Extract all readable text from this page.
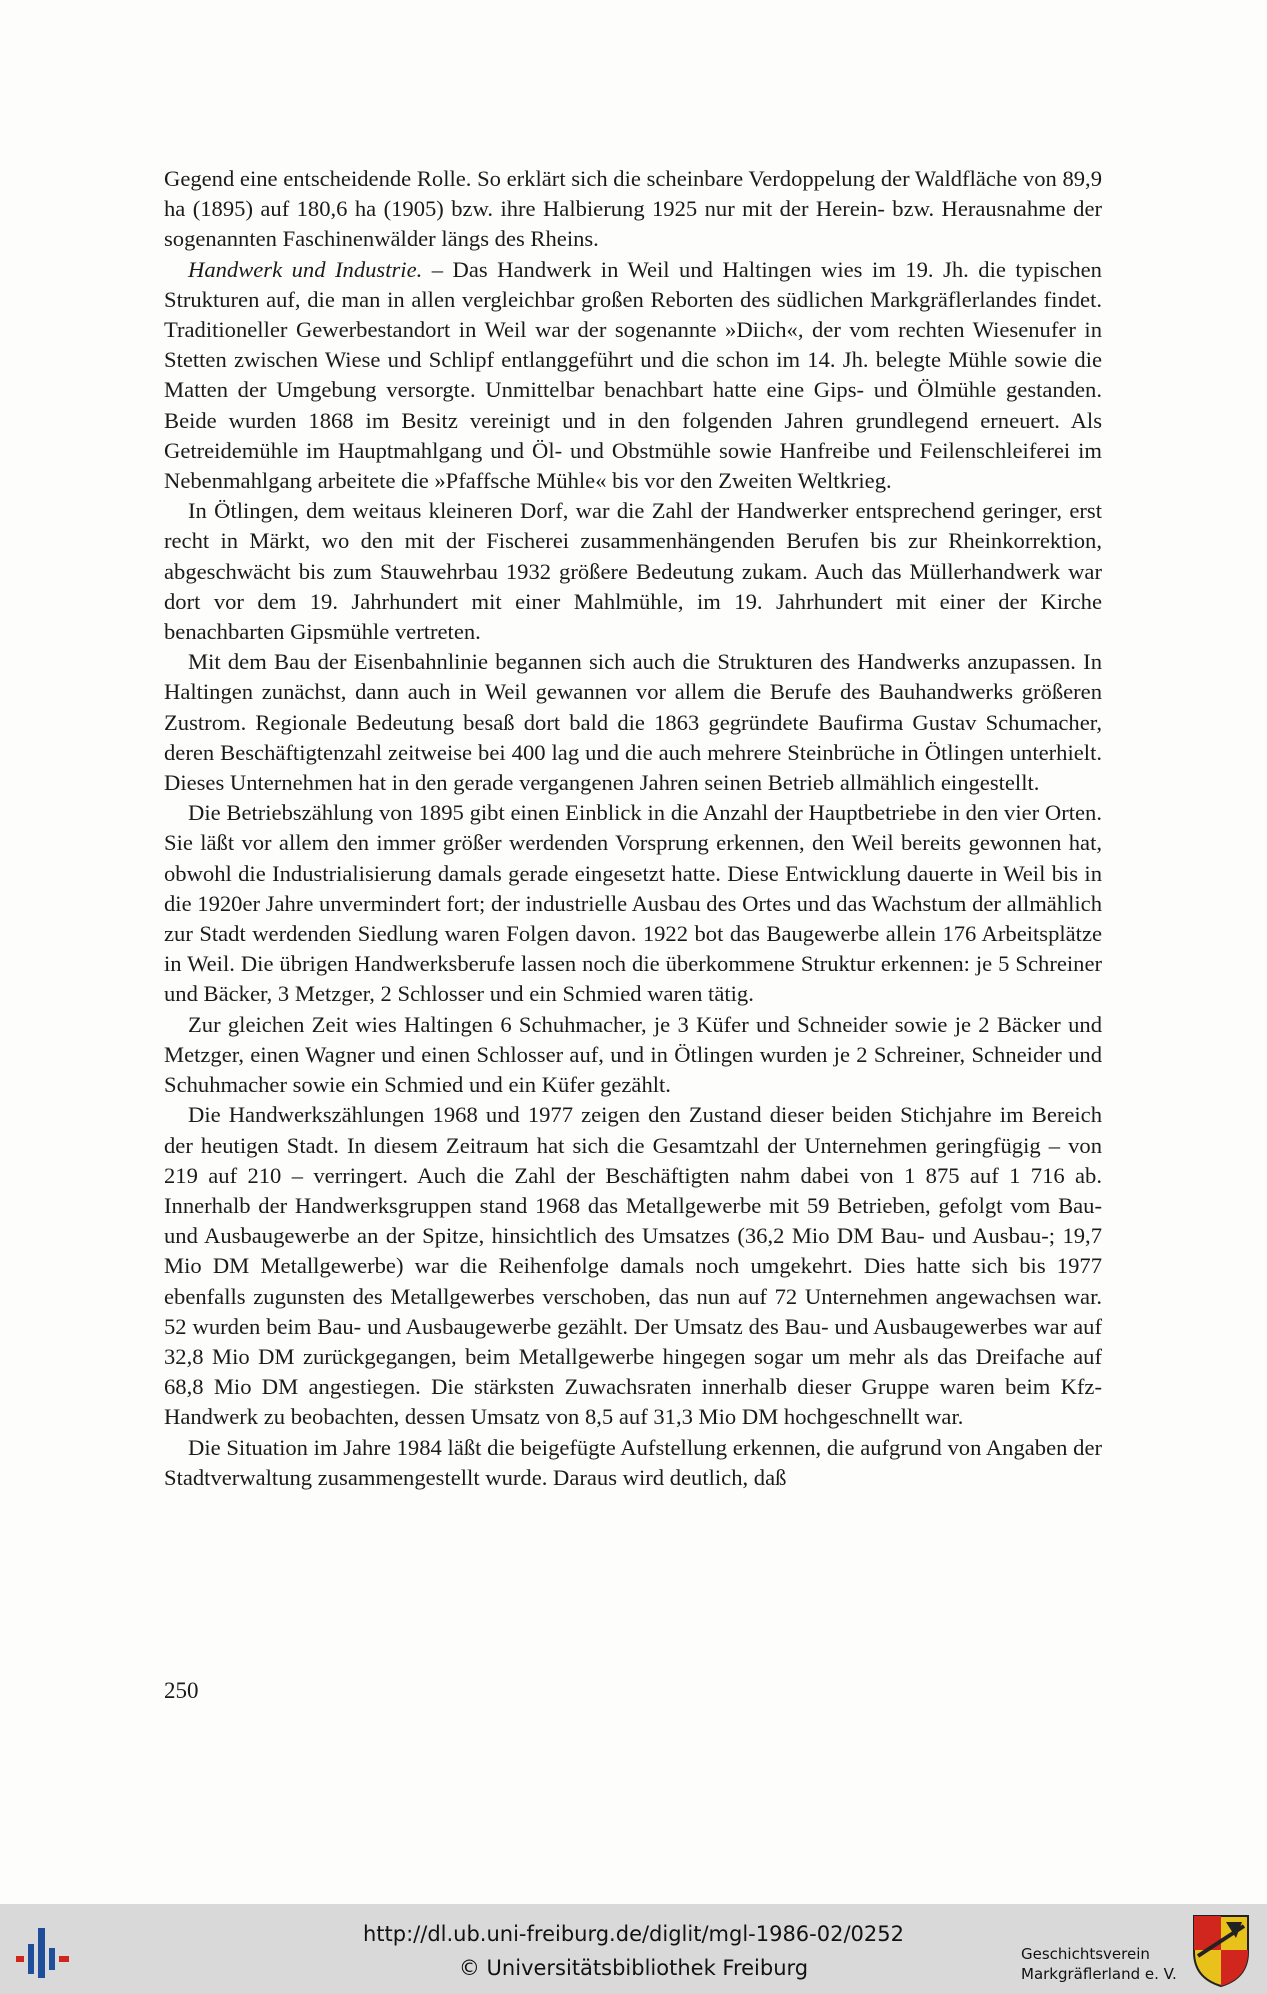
Gegend eine entscheidende Rolle. So erklärt sich die scheinbare Verdoppelung der Waldfläche von 89,9 ha (1895) auf 180,6 ha (1905) bzw. ihre Halbierung 1925 nur mit der Herein- bzw. Herausnahme der sogenannten Faschinenwälder längs des Rheins.

Handwerk und Industrie. – Das Handwerk in Weil und Haltingen wies im 19. Jh. die typischen Strukturen auf, die man in allen vergleichbar großen Reborten des südlichen Markgräflerlandes findet. Traditioneller Gewerbestandort in Weil war der sogenannte »Diich«, der vom rechten Wiesenufer in Stetten zwischen Wiese und Schlipf entlanggeführt und die schon im 14. Jh. belegte Mühle sowie die Matten der Umgebung versorgte. Unmittelbar benachbart hatte eine Gips- und Ölmühle gestanden. Beide wurden 1868 im Besitz vereinigt und in den folgenden Jahren grundlegend erneuert. Als Getreidemühle im Hauptmahlgang und Öl- und Obstmühle sowie Hanfreibe und Feilenschleiferei im Nebenmahlgang arbeitete die »Pfaffsche Mühle« bis vor den Zweiten Weltkrieg.

In Ötlingen, dem weitaus kleineren Dorf, war die Zahl der Handwerker entsprechend geringer, erst recht in Märkt, wo den mit der Fischerei zusammenhängenden Berufen bis zur Rheinkorrektion, abgeschwächt bis zum Stauwehrbau 1932 größere Bedeutung zukam. Auch das Müllerhandwerk war dort vor dem 19. Jahrhundert mit einer Mahlmühle, im 19. Jahrhundert mit einer der Kirche benachbarten Gipsmühle vertreten.

Mit dem Bau der Eisenbahnlinie begannen sich auch die Strukturen des Handwerks anzupassen. In Haltingen zunächst, dann auch in Weil gewannen vor allem die Berufe des Bauhandwerks größeren Zustrom. Regionale Bedeutung besaß dort bald die 1863 gegründete Baufirma Gustav Schumacher, deren Beschäftigtenzahl zeitweise bei 400 lag und die auch mehrere Steinbrüche in Ötlingen unterhielt. Dieses Unternehmen hat in den gerade vergangenen Jahren seinen Betrieb allmählich eingestellt.

Die Betriebszählung von 1895 gibt einen Einblick in die Anzahl der Hauptbetriebe in den vier Orten. Sie läßt vor allem den immer größer werdenden Vorsprung erkennen, den Weil bereits gewonnen hat, obwohl die Industrialisierung damals gerade eingesetzt hatte. Diese Entwicklung dauerte in Weil bis in die 1920er Jahre unvermindert fort; der industrielle Ausbau des Ortes und das Wachstum der allmählich zur Stadt werdenden Siedlung waren Folgen davon. 1922 bot das Baugewerbe allein 176 Arbeitsplätze in Weil. Die übrigen Handwerksberufe lassen noch die überkommene Struktur erkennen: je 5 Schreiner und Bäcker, 3 Metzger, 2 Schlosser und ein Schmied waren tätig.

Zur gleichen Zeit wies Haltingen 6 Schuhmacher, je 3 Küfer und Schneider sowie je 2 Bäcker und Metzger, einen Wagner und einen Schlosser auf, und in Ötlingen wurden je 2 Schreiner, Schneider und Schuhmacher sowie ein Schmied und ein Küfer gezählt.

Die Handwerkszählungen 1968 und 1977 zeigen den Zustand dieser beiden Stichjahre im Bereich der heutigen Stadt. In diesem Zeitraum hat sich die Gesamtzahl der Unternehmen geringfügig – von 219 auf 210 – verringert. Auch die Zahl der Beschäftigten nahm dabei von 1 875 auf 1 716 ab. Innerhalb der Handwerksgruppen stand 1968 das Metallgewerbe mit 59 Betrieben, gefolgt vom Bau- und Ausbaugewerbe an der Spitze, hinsichtlich des Umsatzes (36,2 Mio DM Bau- und Ausbau-; 19,7 Mio DM Metallgewerbe) war die Reihenfolge damals noch umgekehrt. Dies hatte sich bis 1977 ebenfalls zugunsten des Metallgewerbes verschoben, das nun auf 72 Unternehmen angewachsen war. 52 wurden beim Bau- und Ausbaugewerbe gezählt. Der Umsatz des Bau- und Ausbaugewerbes war auf 32,8 Mio DM zurückgegangen, beim Metallgewerbe hingegen sogar um mehr als das Dreifache auf 68,8 Mio DM angestiegen. Die stärksten Zuwachsraten innerhalb dieser Gruppe waren beim Kfz-Handwerk zu beobachten, dessen Umsatz von 8,5 auf 31,3 Mio DM hochgeschnellt war.

Die Situation im Jahre 1984 läßt die beigefügte Aufstellung erkennen, die aufgrund von Angaben der Stadtverwaltung zusammengestellt wurde. Daraus wird deutlich, daß

250
http://dl.ub.uni-freiburg.de/diglit/mgl-1986-02/0252
© Universitätsbibliothek Freiburg
Geschichtsverein
Markgräflerland e. V.
